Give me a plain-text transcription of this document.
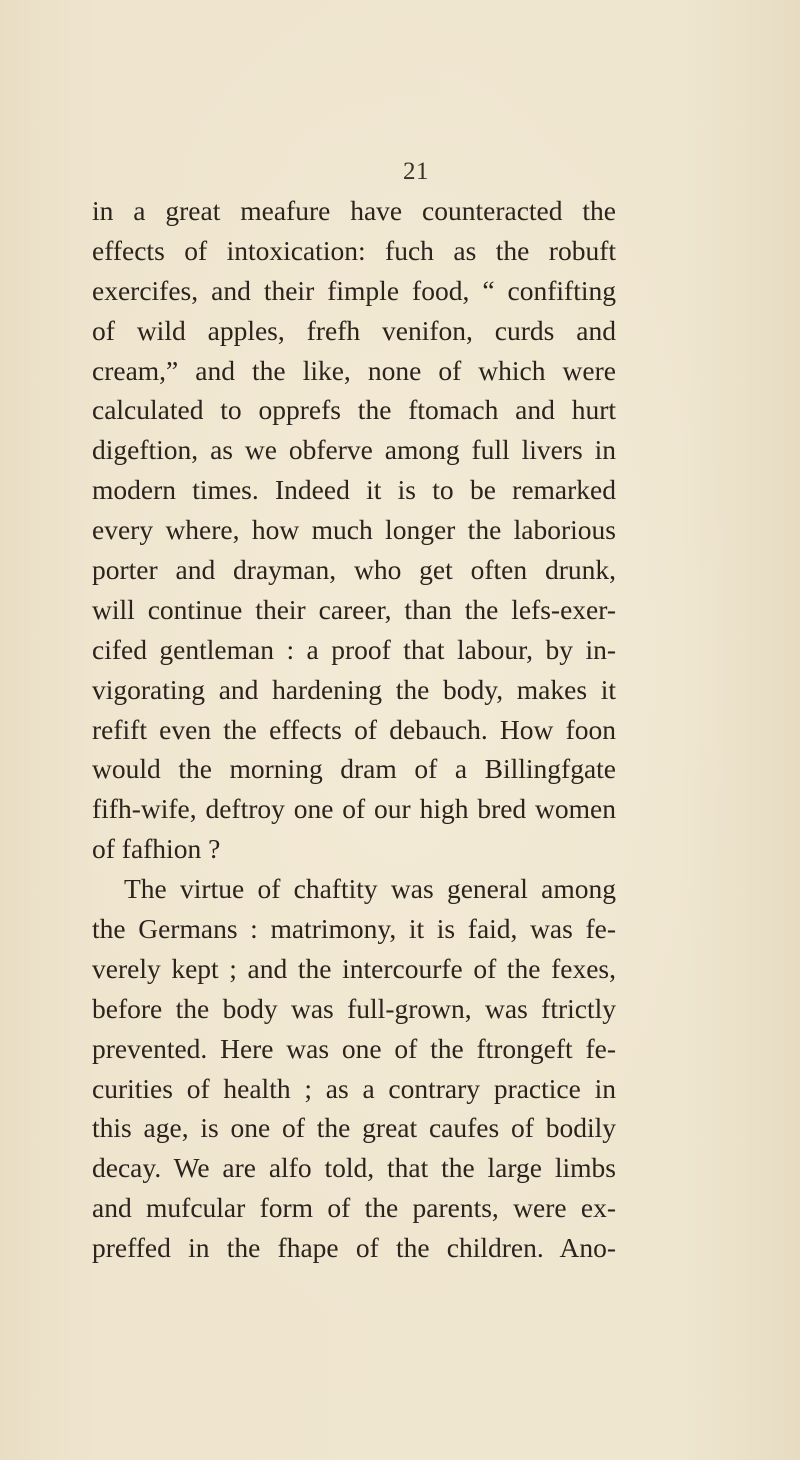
21
in a great meafure have counteracted the
effects of intoxication: fuch as the robuft
exercifes, and their fimple food, “ confifting
of wild apples, frefh venifon, curds and
cream,” and the like, none of which were
calculated to opprefs the ftomach and hurt
digeftion, as we obferve among full livers in
modern times. Indeed it is to be remarked
every where, how much longer the laborious
porter and drayman, who get often drunk,
will continue their career, than the lefs-exer-
cifed gentleman : a proof that labour, by in-
vigorating and hardening the body, makes it
refift even the effects of debauch. How foon
would the morning dram of a Billingfgate
fifh-wife, deftroy one of our high bred women
of fafhion ?
The virtue of chaftity was general among
the Germans : matrimony, it is faid, was fe-
verely kept ; and the intercourfe of the fexes,
before the body was full-grown, was ftrictly
prevented. Here was one of the ftrongeft fe-
curities of health ; as a contrary practice in
this age, is one of the great caufes of bodily
decay. We are alfo told, that the large limbs
and mufcular form of the parents, were ex-
preffed in the fhape of the children. Ano-
